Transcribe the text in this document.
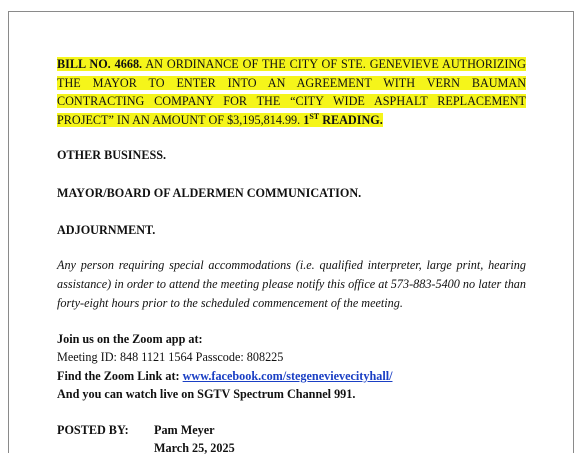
BILL NO. 4668. AN ORDINANCE OF THE CITY OF STE. GENEVIEVE AUTHORIZING THE MAYOR TO ENTER INTO AN AGREEMENT WITH VERN BAUMAN CONTRACTING COMPANY FOR THE “CITY WIDE ASPHALT REPLACEMENT PROJECT” IN AN AMOUNT OF $3,195,814.99. 1ST READING.

OTHER BUSINESS.

MAYOR/BOARD OF ALDERMEN COMMUNICATION.

ADJOURNMENT.

Any person requiring special accommodations (i.e. qualified interpreter, large print, hearing assistance) in order to attend the meeting please notify this office at 573-883-5400 no later than forty-eight hours prior to the scheduled commencement of the meeting.

Join us on the Zoom app at:

Meeting ID: 848 1121 1564 Passcode: 808225

Find the Zoom Link at: www.facebook.com/stegenevievecityhall/

And you can watch live on SGTV Spectrum Channel 991.

POSTED BY:	Pam Meyer
March 25, 2025
